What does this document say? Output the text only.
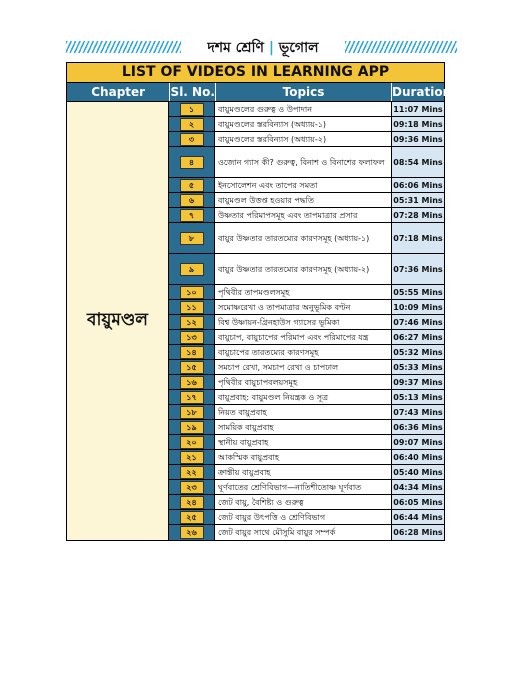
দশম শ্রেণি | ভূগোল
LIST OF VIDEOS IN LEARNING APP
Chapter	Sl. No.	Topics	Duration
বায়ুমণ্ডল
১	বায়ুমণ্ডলের গুরুত্ব ও উপাদান	11:07 Mins
২	বায়ুমণ্ডলের স্তরবিন্যাস (অধ্যায়-১)	09:18 Mins
৩	বায়ুমণ্ডলের স্তরবিন্যাস (অধ্যায়-২)	09:36 Mins
৪	ওজোন গ্যাস কী? গুরুত্ব, বিনাশ ও বিনাশের ফলাফল	08:54 Mins
৫	ইনসোলেশন এবং তাপের সমতা	06:06 Mins
৬	বায়ুমণ্ডল উত্তপ্ত হওয়ার পদ্ধতি	05:31 Mins
৭	উষ্ণতার পরিমাপসমূহ এবং তাপমাত্রার প্রসার	07:28 Mins
৮	বায়ুর উষ্ণতার তারতম্যের কারণসমূহ (অধ্যায়-১)	07:18 Mins
৯	বায়ুর উষ্ণতার তারতম্যের কারণসমূহ (অধ্যায়-২)	07:36 Mins
১০	পৃথিবীর তাপমণ্ডলসমূহ	05:55 Mins
১১	সমোষ্ণরেখা ও তাপমাত্রার অনুভূমিক বণ্টন	10:09 Mins
১২	বিশ্ব উষ্ণায়ন-গ্রিনহাউস গ্যাসের ভূমিকা	07:46 Mins
১৩	বায়ুচাপ, বায়ুচাপের পরিমাপ এবং পরিমাপের যন্ত্র	06:27 Mins
১৪	বায়ুচাপের তারতম্যের কারণসমূহ	05:32 Mins
১৫	সমচাপ রেখা, সমচাপ রেখা ও চাপঢাল	05:33 Mins
১৬	পৃথিবীর বায়ুচাপবলয়সমূহ	09:37 Mins
১৭	বায়ুপ্রবাহ: বায়ুমণ্ডল নিয়ন্ত্রক ও সূত্র	05:13 Mins
১৮	নিয়ত বায়ুপ্রবাহ	07:43 Mins
১৯	সাময়িক বায়ুপ্রবাহ	06:36 Mins
২০	স্থানীয় বায়ুপ্রবাহ	09:07 Mins
২১	আকস্মিক বায়ুপ্রবাহ	06:40 Mins
২২	ক্রান্তীয় বায়ুপ্রবাহ	05:40 Mins
২৩	ঘূর্ণবাতের শ্রেণিবিভাগ—নাতিশীতোষ্ণ ঘূর্ণবাত	04:34 Mins
২৪	জেট বায়ু, বৈশিষ্ট্য ও গুরুত্ব	06:05 Mins
২৫	জেট বায়ুর উৎপত্তি ও শ্রেণিবিভাগ	06:44 Mins
২৬	জেট বায়ুর সাথে মৌসুমি বায়ুর সম্পর্ক	06:28 Mins
